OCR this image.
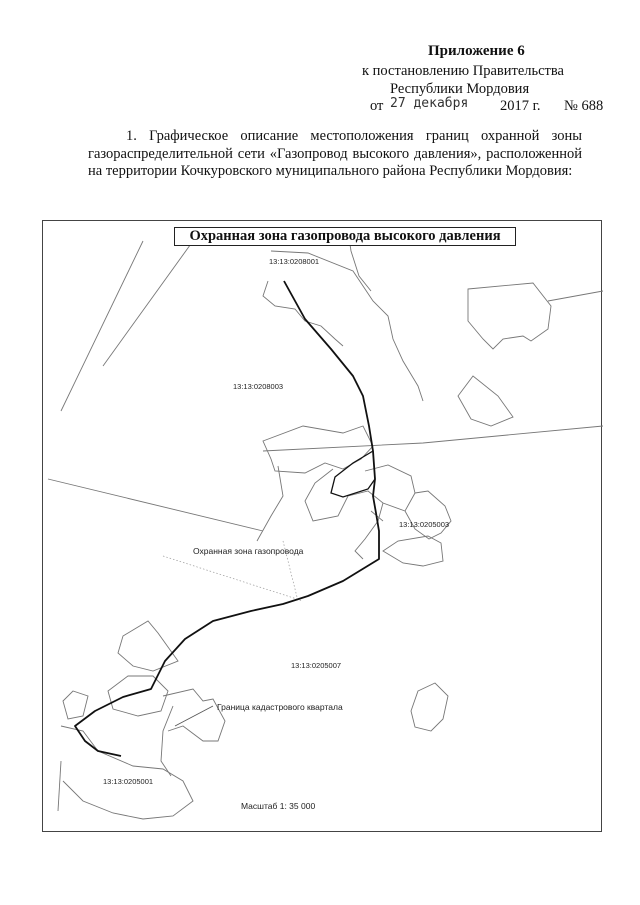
Приложение 6
к постановлению Правительства
Республики Мордовия
от 27 декабря 2017 г. № 688

1. Графическое описание местоположения границ охранной зоны газораспределительной сети «Газопровод высокого давления», расположенной на территории Кочкуровского муниципального района Республики Мордовия:

Охранная зона газопровода высокого давления
13:13:0208001
13:13:0208003
13:13:0205003
13:13:0205007
13:13:0205001
Охранная зона газопровода
Граница кадастрового квартала
Масштаб 1: 35 000
